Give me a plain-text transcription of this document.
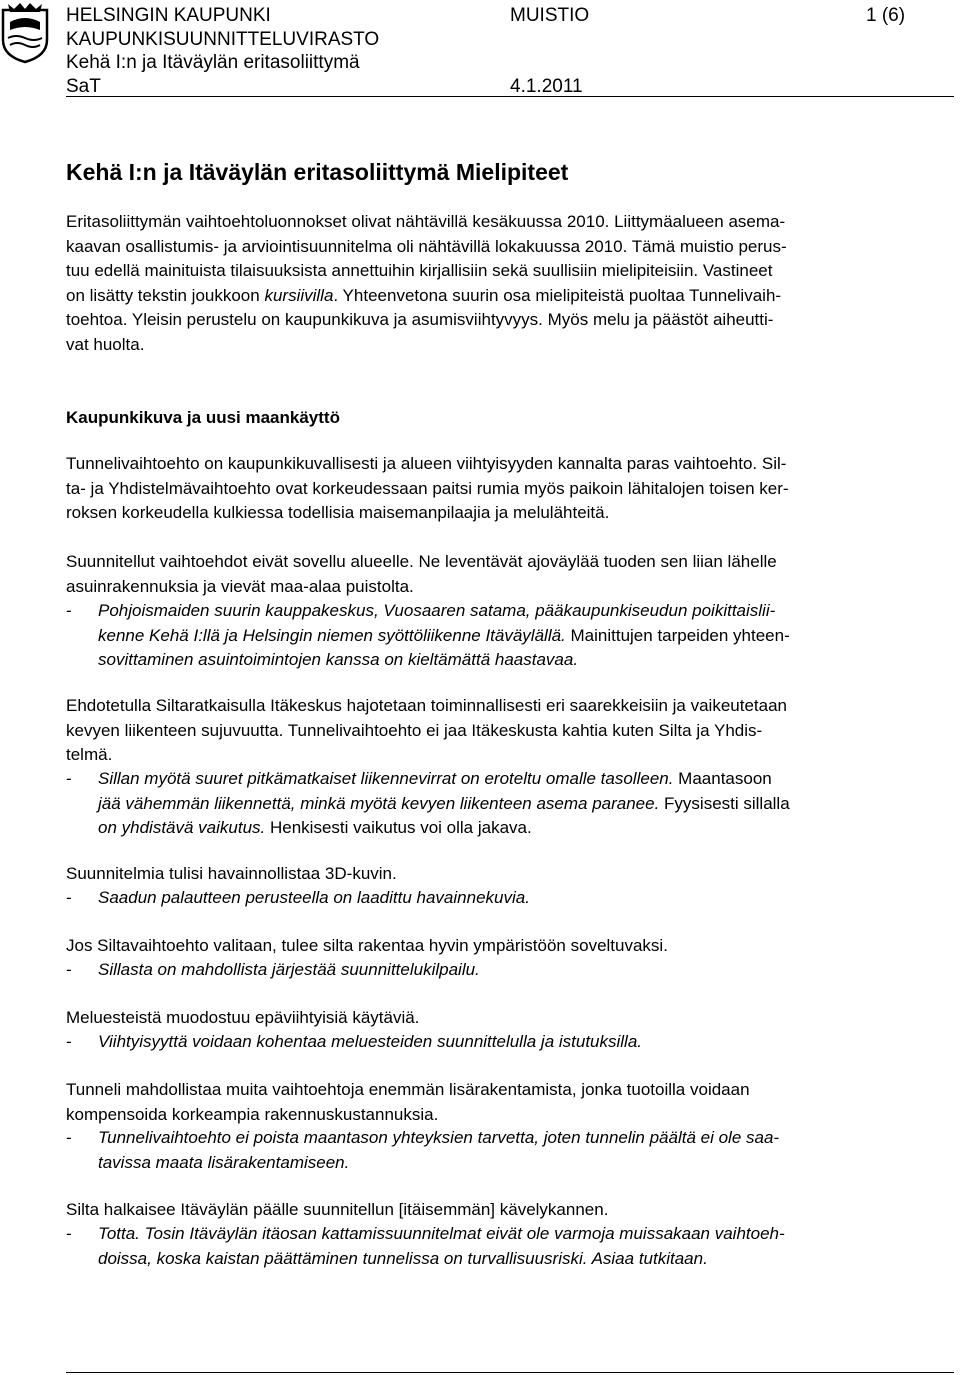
HELSINGIN KAUPUNKI
KAUPUNKISUUNNITTELUVIRASTO
Kehä I:n ja Itäväylän eritasoliittymä
SaT
MUISTIO
4.1.2011
1 (6)
Kehä I:n ja Itäväylän eritasoliittymä Mielipiteet
Eritasoliittymän vaihtoehtoluonnokset olivat nähtävillä kesäkuussa 2010. Liittymäalueen asema-
kaavan osallistumis- ja arviointisuunnitelma oli nähtävillä lokakuussa 2010. Tämä muistio perus-
tuu edellä mainituista tilaisuuksista annettuihin kirjallisiin sekä suullisiin mielipiteisiin. Vastineet
on lisätty tekstin joukkoon kursiivilla. Yhteenvetona suurin osa mielipiteistä puoltaa Tunnelivaih-
toehtoa. Yleisin perustelu on kaupunkikuva ja asumisviihtyvyys. Myös melu ja päästöt aiheutti-
vat huolta.
Kaupunkikuva ja uusi maankäyttö
Tunnelivaihtoehto on kaupunkikuvallisesti ja alueen viihtyisyyden kannalta paras vaihtoehto. Sil-
ta- ja Yhdistelmävaihtoehto ovat korkeudessaan paitsi rumia myös paikoin lähitalojen toisen ker-
roksen korkeudella kulkiessa todellisia maisemanpilaajia ja melulähteitä.
Suunnitellut vaihtoehdot eivät sovellu alueelle. Ne leventävät ajoväylää tuoden sen liian lähelle
asuinrakennuksia ja vievät maa-alaa puistolta.
- Pohjoismaiden suurin kauppakeskus, Vuosaaren satama, pääkaupunkiseudun poikittaislii-
kenne Kehä I:llä ja Helsingin niemen syöttöliikenne Itäväylällä. Mainittujen tarpeiden yhteen-
sovittaminen asuintoimintojen kanssa on kieltämättä haastavaa.
Ehdotetulla Siltaratkaisulla Itäkeskus hajotetaan toiminnallisesti eri saarekkeisiin ja vaikeutetaan
kevyen liikenteen sujuvuutta. Tunnelivaihtoehto ei jaa Itäkeskusta kahtia kuten Silta ja Yhdis-
telmä.
- Sillan myötä suuret pitkämatkaiset liikennevirrat on eroteltu omalle tasolleen. Maantasoon
jää vähemmän liikennettä, minkä myötä kevyen liikenteen asema paranee. Fyysisesti sillalla
on yhdistävä vaikutus. Henkisesti vaikutus voi olla jakava.
Suunnitelmia tulisi havainnollistaa 3D-kuvin.
- Saadun palautteen perusteella on laadittu havainnekuvia.
Jos Siltavaihtoehto valitaan, tulee silta rakentaa hyvin ympäristöön soveltuvaksi.
- Sillasta on mahdollista järjestää suunnittelukilpailu.
Meluesteistä muodostuu epäviihtyisiä käytäviä.
- Viihtyisyyttä voidaan kohentaa meluesteiden suunnittelulla ja istutuksilla.
Tunneli mahdollistaa muita vaihtoehtoja enemmän lisärakentamista, jonka tuotoilla voidaan
kompensoida korkeampia rakennuskustannuksia.
- Tunnelivaihtoehto ei poista maantason yhteyksien tarvetta, joten tunnelin päältä ei ole saa-
tavissa maata lisärakentamiseen.
Silta halkaisee Itäväylän päälle suunnitellun [itäisemmän] kävelykannen.
- Totta. Tosin Itäväylän itäosan kattamissuunnitelmat eivät ole varmoja muissakaan vaihtoeh-
doissa, koska kaistan päättäminen tunnelissa on turvallisuusriski. Asiaa tutkitaan.
